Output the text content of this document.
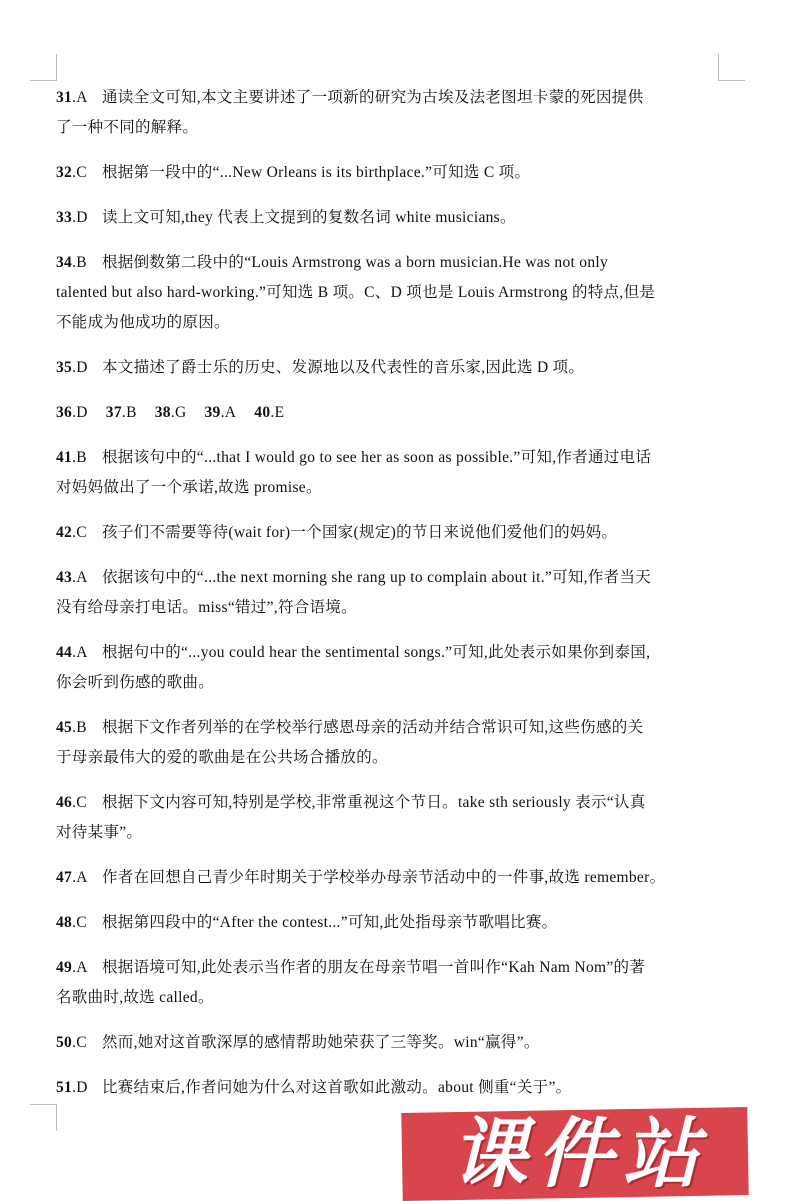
31.A 通读全文可知,本文主要讲述了一项新的研究为古埃及法老图坦卡蒙的死因提供
了一种不同的解释。
32.C 根据第一段中的“...New Orleans is its birthplace.”可知选 C 项。
33.D 读上文可知,they 代表上文提到的复数名词 white musicians。
34.B 根据倒数第二段中的“Louis Armstrong was a born musician.He was not only
talented but also hard-working.”可知选 B 项。C、D 项也是 Louis Armstrong 的特点,但是
不能成为他成功的原因。
35.D 本文描述了爵士乐的历史、发源地以及代表性的音乐家,因此选 D 项。
36.D 37.B 38.G 39.A 40.E
41.B 根据该句中的“...that I would go to see her as soon as possible.”可知,作者通过电话
对妈妈做出了一个承诺,故选 promise。
42.C 孩子们不需要等待(wait for)一个国家(规定)的节日来说他们爱他们的妈妈。
43.A 依据该句中的“...the next morning she rang up to complain about it.”可知,作者当天
没有给母亲打电话。miss“错过”,符合语境。
44.A 根据句中的“...you could hear the sentimental songs.”可知,此处表示如果你到泰国,
你会听到伤感的歌曲。
45.B 根据下文作者列举的在学校举行感恩母亲的活动并结合常识可知,这些伤感的关
于母亲最伟大的爱的歌曲是在公共场合播放的。
46.C 根据下文内容可知,特别是学校,非常重视这个节日。take sth seriously 表示“认真
对待某事”。
47.A 作者在回想自己青少年时期关于学校举办母亲节活动中的一件事,故选 remember。
48.C 根据第四段中的“After the contest...”可知,此处指母亲节歌唱比赛。
49.A 根据语境可知,此处表示当作者的朋友在母亲节唱一首叫作“Kah Nam Nom”的著
名歌曲时,故选 called。
50.C 然而,她对这首歌深厚的感情帮助她荣获了三等奖。win“赢得”。
51.D 比赛结束后,作者问她为什么对这首歌如此激动。about 侧重“关于”。
课件站
